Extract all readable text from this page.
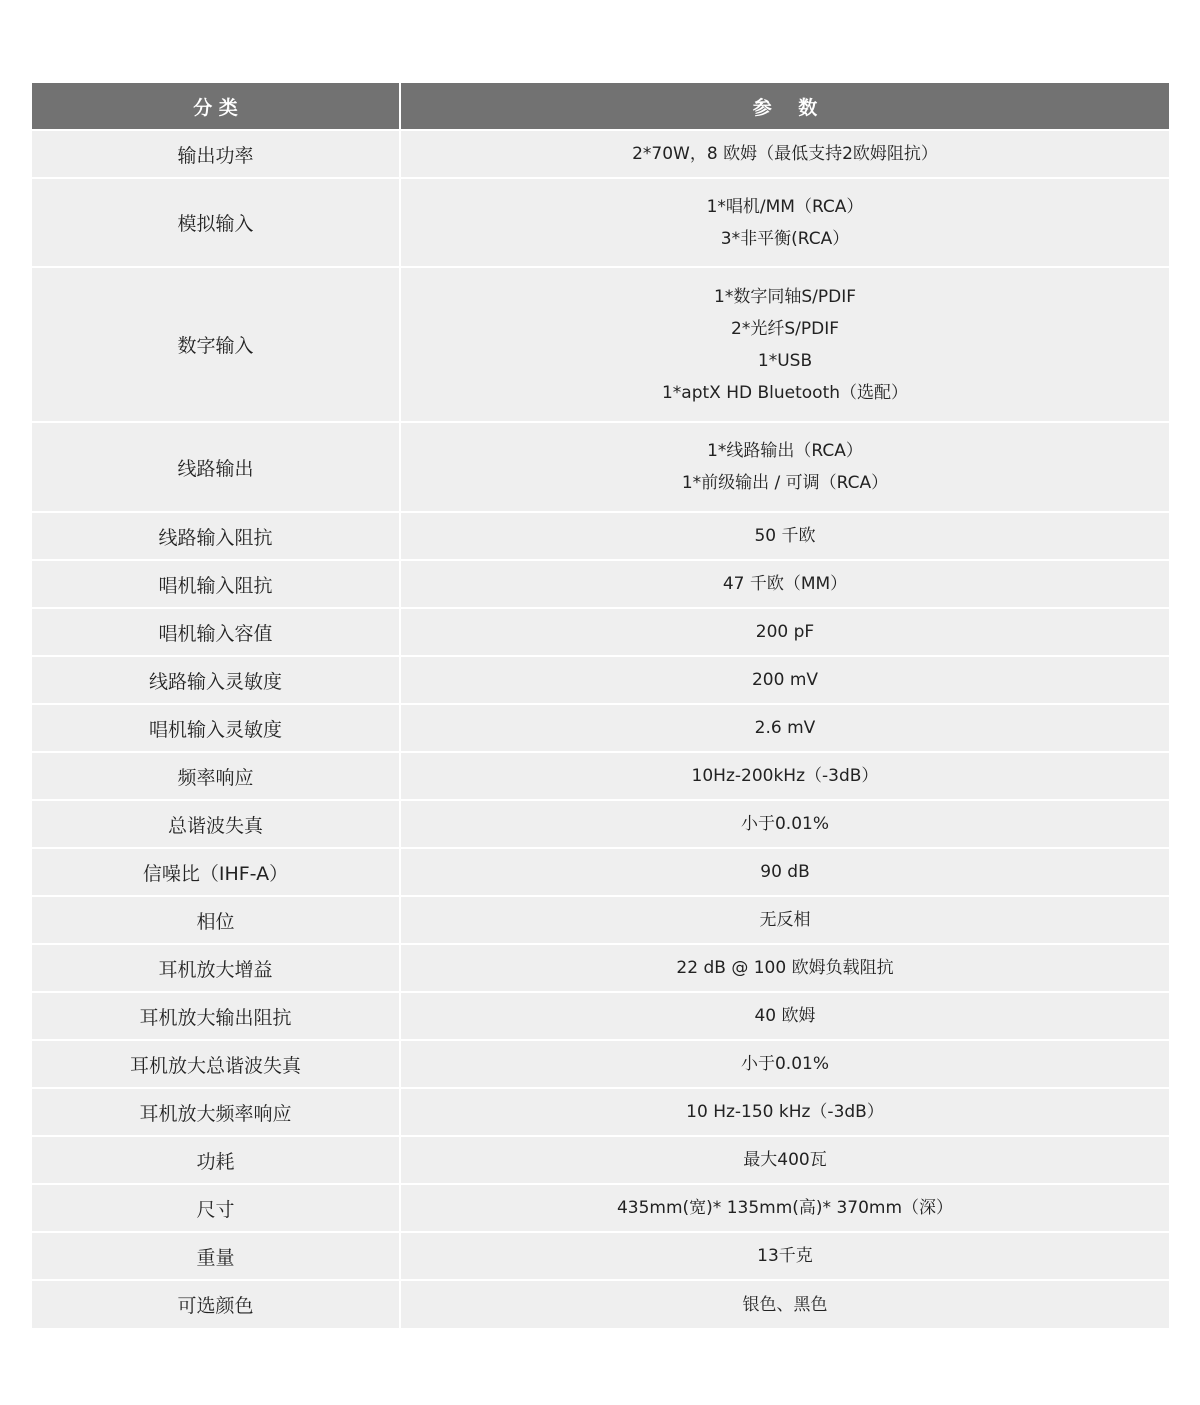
分 类	参    数
输出功率	2*70W，8 欧姆（最低支持2欧姆阻抗）

模拟输入	1*唱机/MM（RCA）
3*非平衡(RCA）

数字输入	1*数字同轴S/PDIF
2*光纤S/PDIF
1*USB
1*aptX HD Bluetooth（选配）

线路输出	1*线路输出（RCA）
1*前级输出 / 可调（RCA）

线路输入阻抗	50 千欧

唱机输入阻抗	47 千欧（MM）

唱机输入容值	200 pF

线路输入灵敏度	200 mV

唱机输入灵敏度	2.6 mV

频率响应	10Hz-200kHz（-3dB）

总谐波失真	小于0.01%

信噪比（IHF-A）	90 dB

相位	无反相

耳机放大增益	22 dB @ 100 欧姆负载阻抗

耳机放大输出阻抗	40 欧姆

耳机放大总谐波失真	小于0.01%

耳机放大频率响应	10 Hz-150 kHz（-3dB）

功耗	最大400瓦

尺寸	435mm(宽)* 135mm(高)* 370mm（深）

重量	13千克

可选颜色	银色、黑色
